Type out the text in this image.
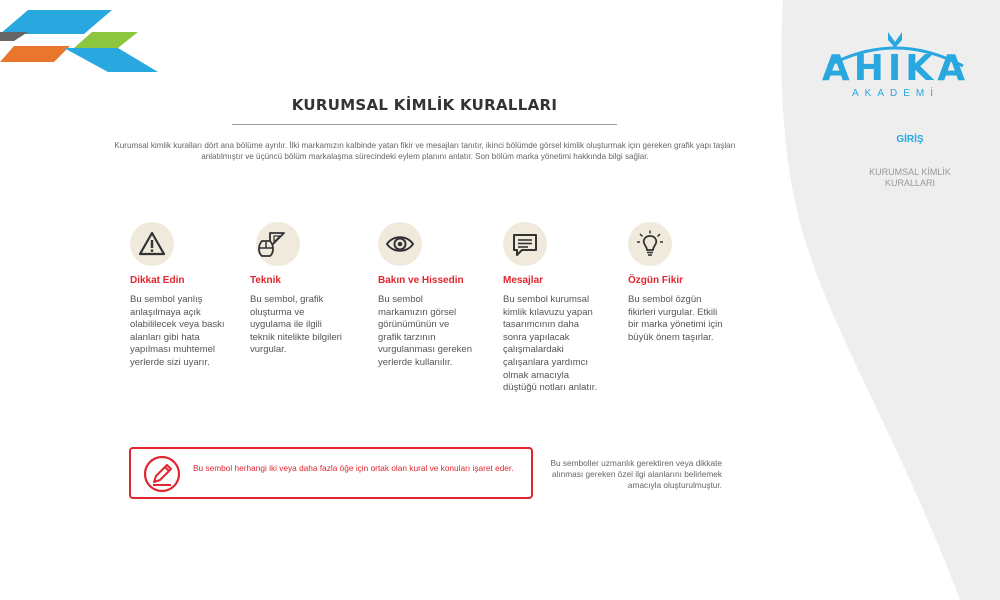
AHIKA
AKADEMİ
GİRİŞ
KURUMSAL KİMLİK KURALLARI
KURUMSAL KİMLİK KURALLARI
Kurumsal kimlik kuralları dört ana bölüme ayrılır. İlki markamızın kalbinde yatan fikir ve mesajları tanıtır, ikinci bölümde görsel kimlik oluşturmak için gereken grafik yapı taşları anlatılmıştır ve üçüncü bölüm markalaşma sürecindeki eylem planını anlatır. Son bölüm marka yönetimi hakkında bilgi sağlar.
Dikkat Edin
Bu sembol yanlış anlaşılmaya açık olabililecek veya baskı alanları gibi hata yapılması muhtemel yerlerde sizi uyarır.
Teknik
Bu sembol, grafik oluşturma ve uygulama ile ilgili teknik nitelikte bilgileri vurgular.
Bakın ve Hissedin
Bu sembol markamızın görsel görünümünün ve grafik tarzının vurgulanması gereken yerlerde kullanılır.
Mesajlar
Bu sembol kurumsal kimlik kılavuzu yapan tasarımcının daha sonra yapılacak çalışmalardaki çalışanlara yardımcı olmak amacıyla düştüğü notları anlatır.
Özgün Fikir
Bu sembol özgün fikirleri vurgular. Etkili bir marka yönetimi için büyük önem taşırlar.
Bu sembol herhangi iki veya daha fazla öğe için ortak olan kural ve konuları işaret eder.	Bu semboller uzmanlık gerektiren veya dikkate alınması gereken özel ilgi alanlarını belirlemek amacıyla oluşturulmuştur.
